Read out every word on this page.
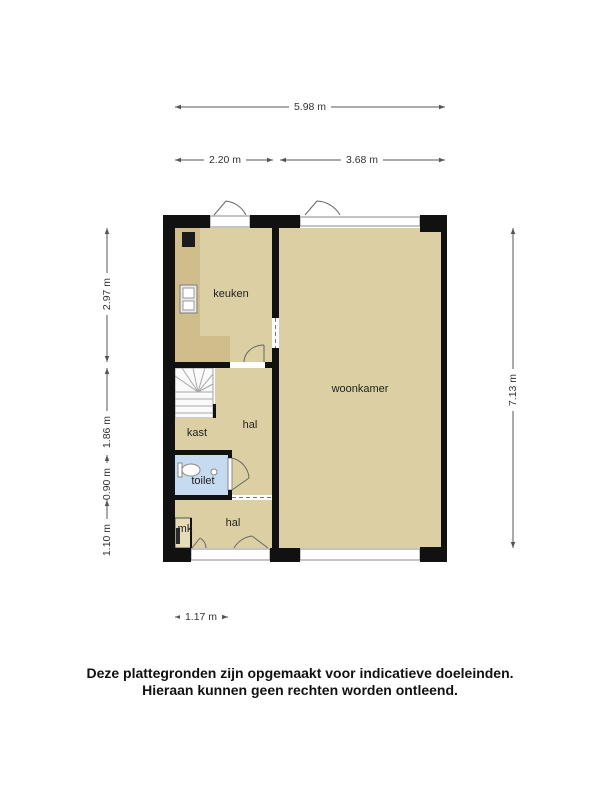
5.98 m
2.20 m	3.68 m
2.97 m
1.86 m
0.90 m
1.10 m
7.13 m
1.17 m
keuken
woonkamer
hal
kast
toilet
hal
mk
Deze plattegronden zijn opgemaakt voor indicatieve doeleinden.
Hieraan kunnen geen rechten worden ontleend.
